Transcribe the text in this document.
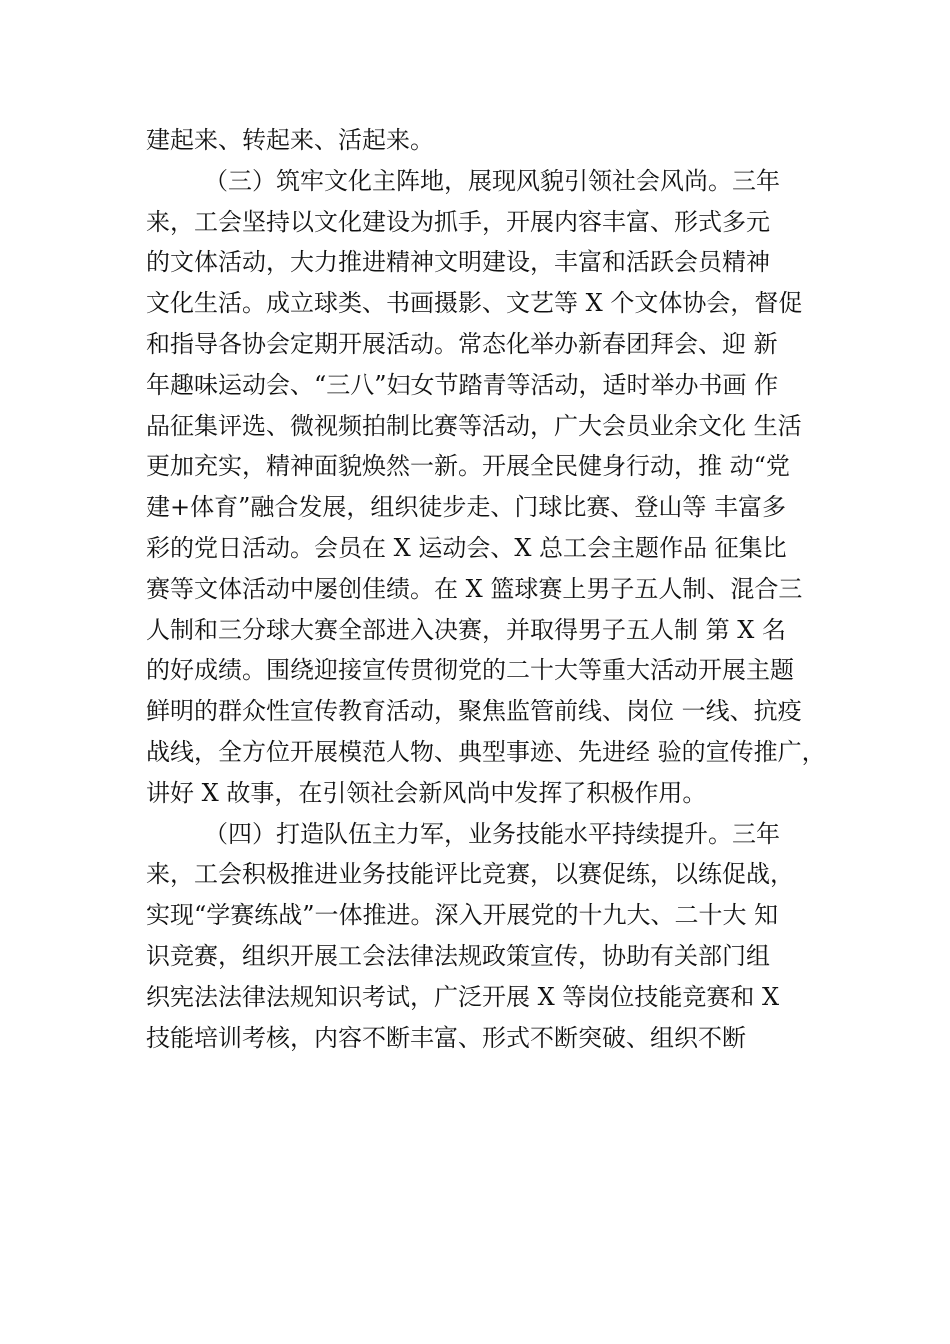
建起来、转起来、活起来。
（三）筑牢文化主阵地，展现风貌引领社会风尚。三年
来，工会坚持以文化建设为抓手，开展内容丰富、形式多元
的文体活动，大力推进精神文明建设，丰富和活跃会员精神
文化生活。成立球类、书画摄影、文艺等 X 个文体协会，督促
和指导各协会定期开展活动。常态化举办新春团拜会、迎 新
年趣味运动会、“三八”妇女节踏青等活动，适时举办书画 作
品征集评选、微视频拍制比赛等活动，广大会员业余文化 生活
更加充实，精神面貌焕然一新。开展全民健身行动，推 动“党
建+体育”融合发展，组织徒步走、门球比赛、登山等 丰富多
彩的党日活动。会员在 X 运动会、X 总工会主题作品 征集比
赛等文体活动中屡创佳绩。在 X 篮球赛上男子五人制、混合三
人制和三分球大赛全部进入决赛，并取得男子五人制 第 X 名
的好成绩。围绕迎接宣传贯彻党的二十大等重大活动开展主题
鲜明的群众性宣传教育活动，聚焦监管前线、岗位 一线、抗疫
战线，全方位开展模范人物、典型事迹、先进经 验的宣传推广，
讲好 X 故事，在引领社会新风尚中发挥了积极作用。
（四）打造队伍主力军，业务技能水平持续提升。三年
来，工会积极推进业务技能评比竞赛，以赛促练，以练促战，
实现“学赛练战”一体推进。深入开展党的十九大、二十大 知
识竞赛，组织开展工会法律法规政策宣传，协助有关部门组
织宪法法律法规知识考试，广泛开展 X 等岗位技能竞赛和 X
技能培训考核，内容不断丰富、形式不断突破、组织不断
